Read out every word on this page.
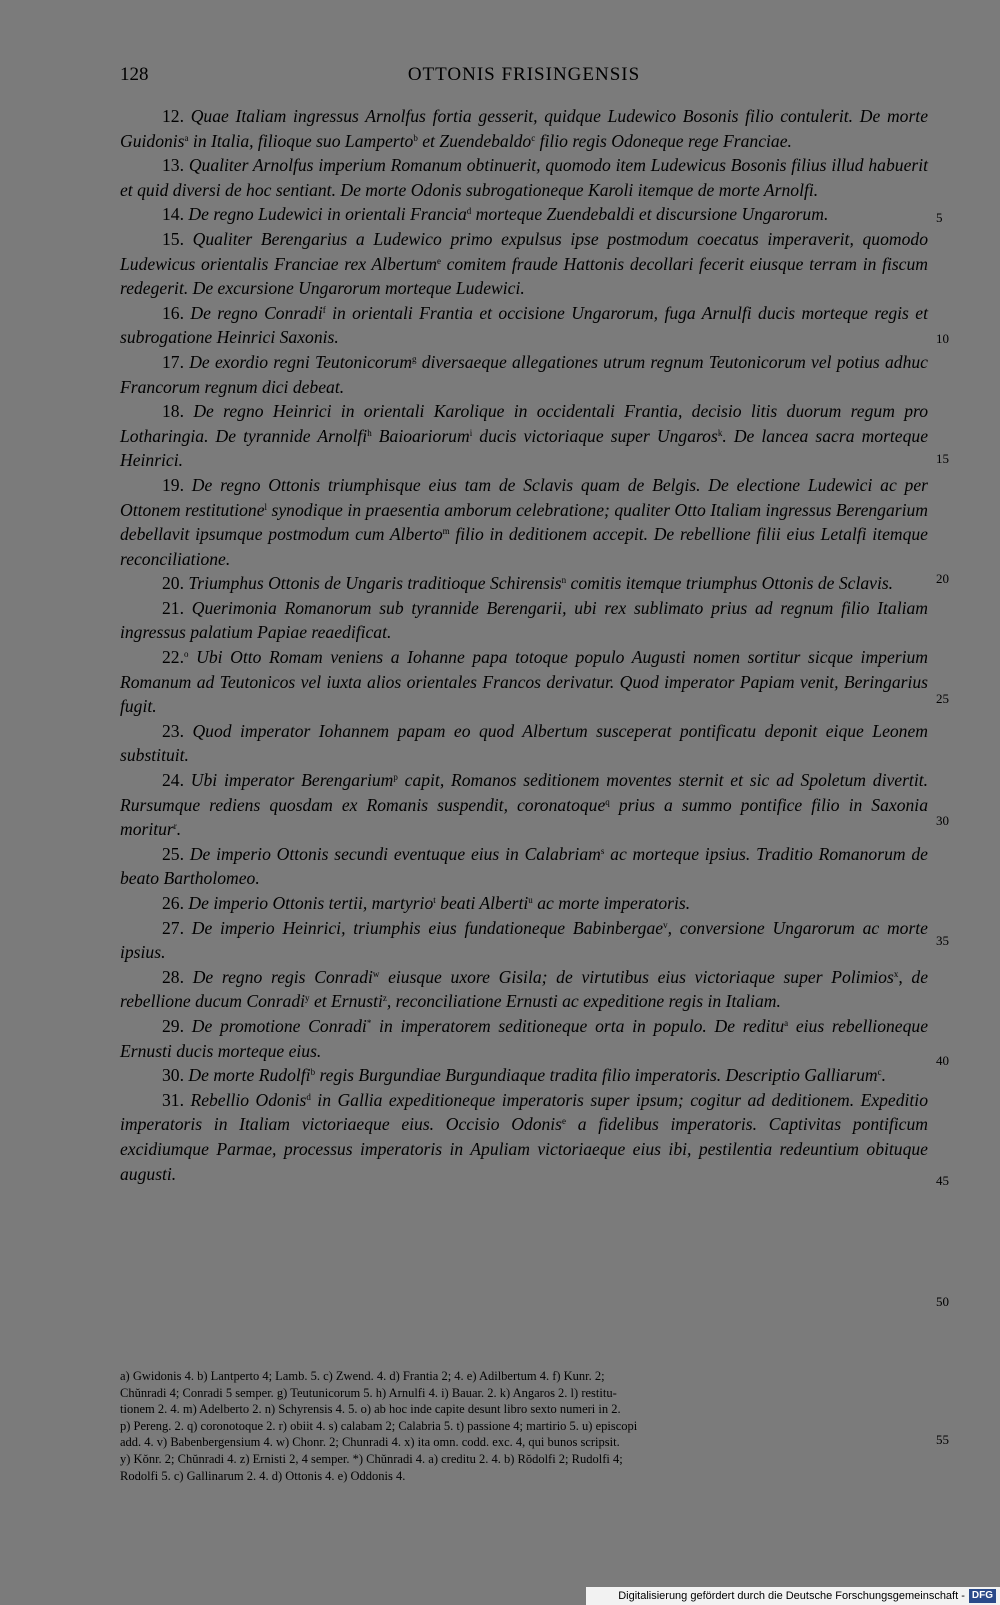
128	OTTONIS FRISINGENSIS

12. Quae Italiam ingressus Arnolfus fortia gesserit, quidque Ludewico Bosonis filio contulerit. De morte Guidonis$^a$ in Italia, filioque suo Lamperto$^b$ et Zuendebaldo$^c$ filio regis Odoneque rege Franciae.

13. Qualiter Arnolfus imperium Romanum obtinuerit, quomodo item Ludewicus Bosonis filius illud habuerit et quid diversi de hoc sentiant. De morte Odonis subrogationeque Karoli itemque de morte Arnolfi.

14. De regno Ludewici in orientali Francia$^d$ morteque Zuendebaldi et discursione Ungarorum.

15. Qualiter Berengarius a Ludewico primo expulsus ipse postmodum coecatus imperaverit, quomodo Ludewicus orientalis Franciae rex Albertum$^e$ comitem fraude Hattonis decollari fecerit eiusque terram in fiscum redegerit. De excursione Ungarorum morteque Ludewici.

16. De regno Conradi$^f$ in orientali Frantia et occisione Ungarorum, fuga Arnulfi ducis morteque regis et subrogatione Heinrici Saxonis.

17. De exordio regni Teutonicorum$^g$ diversaeque allegationes utrum regnum Teutonicorum vel potius adhuc Francorum regnum dici debeat.

18. De regno Heinrici in orientali Karolique in occidentali Frantia, decisio litis duorum regum pro Lotharingia. De tyrannide Arnolfi$^h$ Baioariorum$^i$ ducis victoriaque super Ungaros$^k$. De lancea sacra morteque Heinrici.

19. De regno Ottonis triumphisque eius tam de Sclavis quam de Belgis. De electione Ludewici ac per Ottonem restitutione$^l$ synodique in praesentia amborum celebratione; qualiter Otto Italiam ingressus Berengarium debellavit ipsumque postmodum cum Alberto$^m$ filio in deditionem accepit. De rebellione filii eius Letalfi itemque reconciliatione.

20. Triumphus Ottonis de Ungaris traditioque Schirensis$^n$ comitis itemque triumphus Ottonis de Sclavis.

21. Querimonia Romanorum sub tyrannide Berengarii, ubi rex sublimato prius ad regnum filio Italiam ingressus palatium Papiae reaedificat.

22.$^o$ Ubi Otto Romam veniens a Iohanne papa totoque populo Augusti nomen sortitur sicque imperium Romanum ad Teutonicos vel iuxta alios orientales Francos derivatur. Quod imperator Papiam venit, Beringarius fugit.

23. Quod imperator Iohannem papam eo quod Albertum susceperat pontificatu deponit eique Leonem substituit.

24. Ubi imperator Berengarium$^p$ capit, Romanos seditionem moventes sternit et sic ad Spoletum divertit. Rursumque rediens quosdam ex Romanis suspendit, coronatoque$^q$ prius a summo pontifice filio in Saxonia moritur$^r$.

25. De imperio Ottonis secundi eventuque eius in Calabriam$^s$ ac morteque ipsius. Traditio Romanorum de beato Bartholomeo.

26. De imperio Ottonis tertii, martyrio$^t$ beati Alberti$^u$ ac morte imperatoris.

27. De imperio Heinrici, triumphis eius fundationeque Babinbergae$^v$, conversione Ungarorum ac morte ipsius.

28. De regno regis Conradi$^w$ eiusque uxore Gisila; de virtutibus eius victoriaque super Polimios$^x$, de rebellione ducum Conradi$^y$ et Ernusti$^z$, reconciliatione Ernusti ac expeditione regis in Italiam.

29. De promotione Conradi* in imperatorem seditioneque orta in populo. De reditu$^a$ eius rebellioneque Ernusti ducis morteque eius.

30. De morte Rudolfi$^b$ regis Burgundiae Burgundiaque tradita filio imperatoris. Descriptio Galliarum$^c$.

31. Rebellio Odonis$^d$ in Gallia expeditioneque imperatoris super ipsum; cogitur ad deditionem. Expeditio imperatoris in Italiam victoriaeque eius. Occisio Odonis$^e$ a fidelibus imperatoris. Captivitas pontificum excidiumque Parmae, processus imperatoris in Apuliam victoriaeque eius ibi, pestilentia redeuntium obituque augusti.

5
10
15
20
25
30
35
40
45
50

a) Gwidonis 4. b) Lantperto 4; Lamb. 5. c) Zwend. 4. d) Frantia 2; 4. e) Adilbertum 4. f) Kunr. 2;

Chŭnradi 4; Conradi 5 semper. g) Teutunicorum 5. h) Arnulfi 4. i) Bauar. 2. k) Angaros 2. l) restitu-

tionem 2. 4. m) Adelberto 2. n) Schyrensis 4. 5. o) ab hoc inde capite desunt libro sexto numeri in 2.

p) Pereng. 2. q) coronotoque 2. r) obiit 4. s) calabam 2; Calabria 5. t) passione 4; martirio 5. u) episcopi

add. 4. v) Babenbergensium 4. w) Chonr. 2; Chunradi 4. x) ita omn. codd. exc. 4, qui bunos scripsit.

y) Kŏnr. 2; Chŭnradi 4. z) Ernisti 2, 4 semper. *) Chŭnradi 4. a) creditu 2. 4. b) Rŏdolfi 2; Rudolfi 4;

Rodolfi 5. c) Gallinarum 2. 4. d) Ottonis 4. e) Oddonis 4.

55
Digitalisierung gefördert durch die Deutsche Forschungsgemeinschaft - DFG
